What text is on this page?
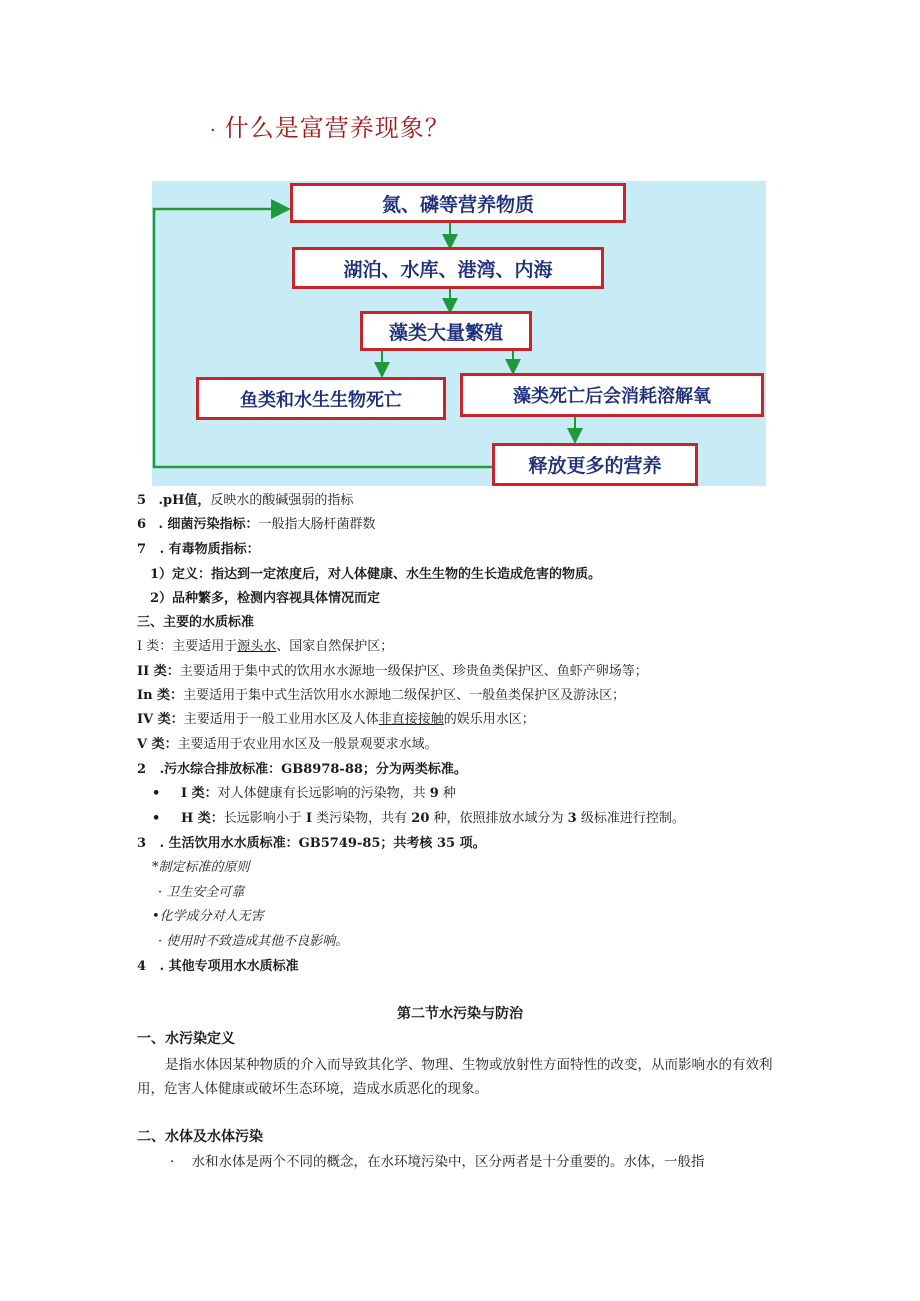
· 什么是富营养现象？
氮、磷等营养物质
湖泊、水库、港湾、内海
藻类大量繁殖
鱼类和水生生物死亡	藻类死亡后会消耗溶解氧
释放更多的营养
5 .pH值，反映水的酸碱强弱的指标
6 . 细菌污染指标：一般指大肠杆菌群数
7 . 有毒物质指标：
1）定义：指达到一定浓度后，对人体健康、水生生物的生长造成危害的物质。
2）品种繁多，检测内容视具体情况而定
三、主要的水质标准
I 类：主要适用于源头水、国家自然保护区；
II 类：主要适用于集中式的饮用水水源地一级保护区、珍贵鱼类保护区、鱼虾产卵场等；
In 类：主要适用于集中式生活饮用水水源地二级保护区、一般鱼类保护区及游泳区；
IV 类：主要适用于一般工业用水区及人体非直接接触的娱乐用水区；
V 类：主要适用于农业用水区及一般景观要求水域。
2 .污水综合排放标准：GB8978-88；分为两类标准。
• I 类：对人体健康有长远影响的污染物，共 9 种
• H 类：长远影响小于 I 类污染物，共有 20 种，依照排放水域分为 3 级标准进行控制。
3 . 生活饮用水水质标准：GB5749-85；共考核 35 项。
*制定标准的原则
· 卫生安全可靠
•化学成分对人无害
· 使用时不致造成其他不良影响。
4 . 其他专项用水水质标准
第二节水污染与防治
一、水污染定义
是指水体因某种物质的介入而导致其化学、物理、生物或放射性方面特性的改变，从而影响水的有效利用，危害人体健康或破坏生态环境，造成水质恶化的现象。
二、水体及水体污染
· 水和水体是两个不同的概念，在水环境污染中，区分两者是十分重要的。水体，一般指
